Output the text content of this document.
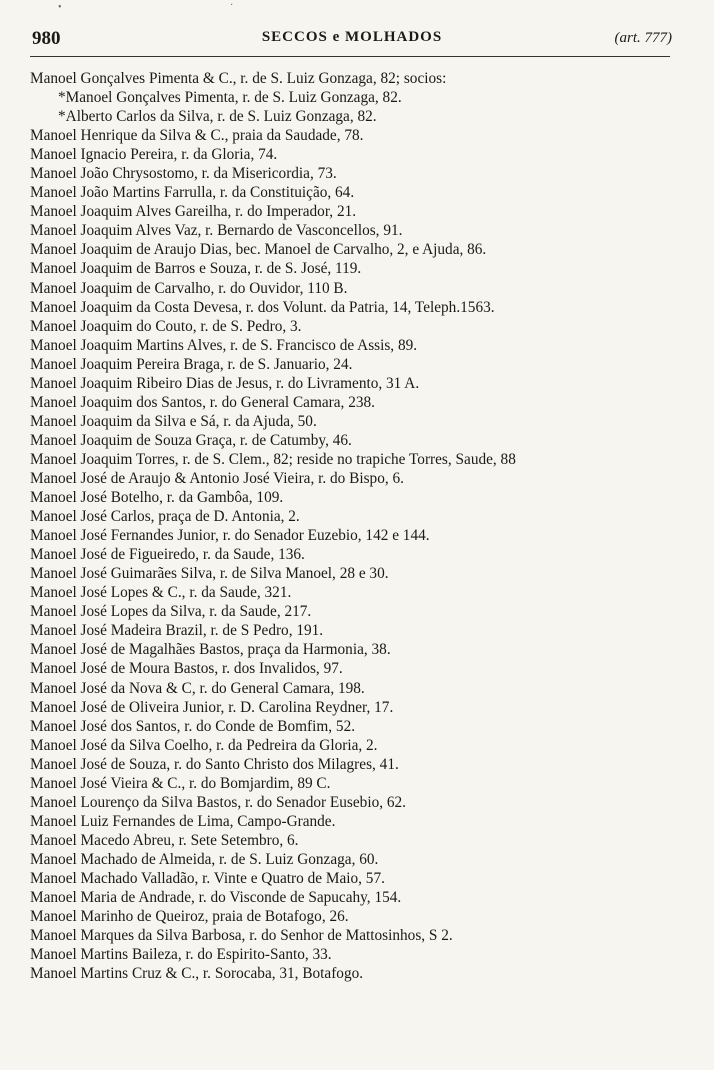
980	SECCOS e MOLHADOS	(art. 777)
Manoel Gonçalves Pimenta & C., r. de S. Luiz Gonzaga, 82; socios:
*Manoel Gonçalves Pimenta, r. de S. Luiz Gonzaga, 82.
*Alberto Carlos da Silva, r. de S. Luiz Gonzaga, 82.
Manoel Henrique da Silva & C., praia da Saudade, 78.
Manoel Ignacio Pereira, r. da Gloria, 74.
Manoel João Chrysostomo, r. da Misericordia, 73.
Manoel João Martins Farrulla, r. da Constituição, 64.
Manoel Joaquim Alves Gareilha, r. do Imperador, 21.
Manoel Joaquim Alves Vaz, r. Bernardo de Vasconcellos, 91.
Manoel Joaquim de Araujo Dias, bec. Manoel de Carvalho, 2, e Ajuda, 86.
Manoel Joaquim de Barros e Souza, r. de S. José, 119.
Manoel Joaquim de Carvalho, r. do Ouvidor, 110 B.
Manoel Joaquim da Costa Devesa, r. dos Volunt. da Patria, 14, Teleph.1563.
Manoel Joaquim do Couto, r. de S. Pedro, 3.
Manoel Joaquim Martins Alves, r. de S. Francisco de Assis, 89.
Manoel Joaquim Pereira Braga, r. de S. Januario, 24.
Manoel Joaquim Ribeiro Dias de Jesus, r. do Livramento, 31 A.
Manoel Joaquim dos Santos, r. do General Camara, 238.
Manoel Joaquim da Silva e Sá, r. da Ajuda, 50.
Manoel Joaquim de Souza Graça, r. de Catumby, 46.
Manoel Joaquim Torres, r. de S. Clem., 82; reside no trapiche Torres, Saude, 88
Manoel José de Araujo & Antonio José Vieira, r. do Bispo, 6.
Manoel José Botelho, r. da Gambôa, 109.
Manoel José Carlos, praça de D. Antonia, 2.
Manoel José Fernandes Junior, r. do Senador Euzebio, 142 e 144.
Manoel José de Figueiredo, r. da Saude, 136.
Manoel José Guimarães Silva, r. de Silva Manoel, 28 e 30.
Manoel José Lopes & C., r. da Saude, 321.
Manoel José Lopes da Silva, r. da Saude, 217.
Manoel José Madeira Brazil, r. de S Pedro, 191.
Manoel José de Magalhães Bastos, praça da Harmonia, 38.
Manoel José de Moura Bastos, r. dos Invalidos, 97.
Manoel José da Nova & C, r. do General Camara, 198.
Manoel José de Oliveira Junior, r. D. Carolina Reydner, 17.
Manoel José dos Santos, r. do Conde de Bomfim, 52.
Manoel José da Silva Coelho, r. da Pedreira da Gloria, 2.
Manoel José de Souza, r. do Santo Christo dos Milagres, 41.
Manoel José Vieira & C., r. do Bomjardim, 89 C.
Manoel Lourenço da Silva Bastos, r. do Senador Eusebio, 62.
Manoel Luiz Fernandes de Lima, Campo-Grande.
Manoel Macedo Abreu, r. Sete Setembro, 6.
Manoel Machado de Almeida, r. de S. Luiz Gonzaga, 60.
Manoel Machado Valladão, r. Vinte e Quatro de Maio, 57.
Manoel Maria de Andrade, r. do Visconde de Sapucahy, 154.
Manoel Marinho de Queiroz, praia de Botafogo, 26.
Manoel Marques da Silva Barbosa, r. do Senhor de Mattosinhos, S 2.
Manoel Martins Baileza, r. do Espirito-Santo, 33.
Manoel Martins Cruz & C., r. Sorocaba, 31, Botafogo.
•	·
